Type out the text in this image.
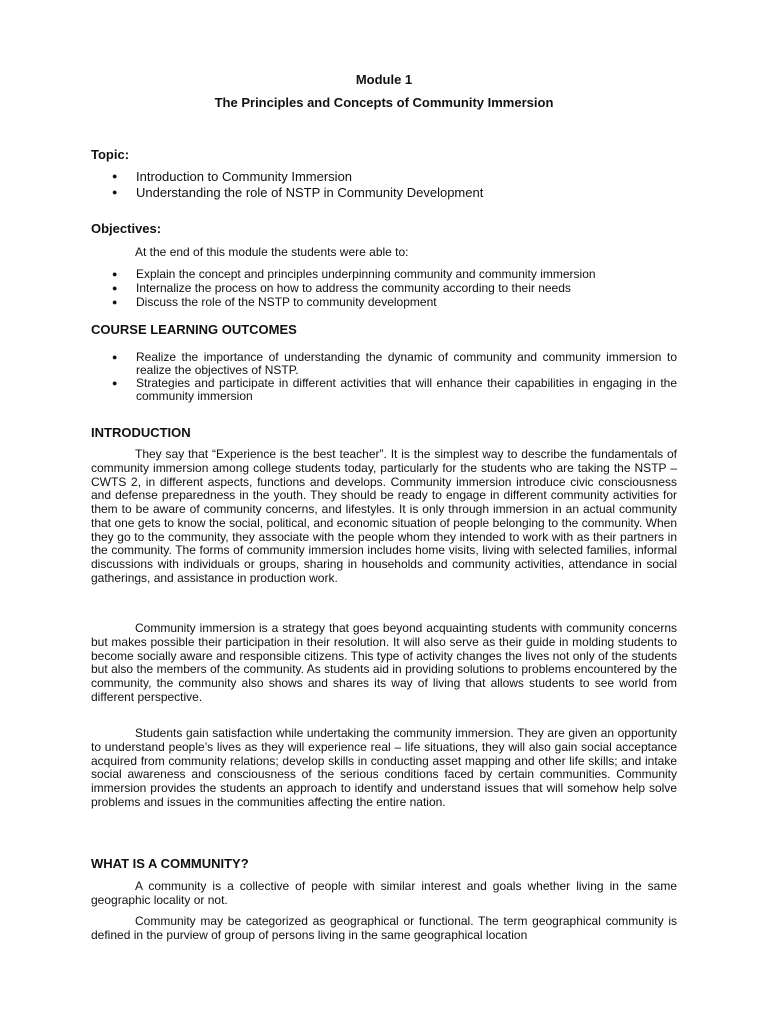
Module 1
The Principles and Concepts of Community Immersion
Topic:
● Introduction to Community Immersion
● Understanding the role of NSTP in Community Development
Objectives:
At the end of this module the students were able to:
● Explain the concept and principles underpinning community and community immersion
● Internalize the process on how to address the community according to their needs
● Discuss the role of the NSTP to community development
COURSE LEARNING OUTCOMES
● Realize the importance of understanding the dynamic of community and community immersion to realize the objectives of NSTP.
● Strategies and participate in different activities that will enhance their capabilities in engaging in the community immersion
INTRODUCTION

They say that “Experience is the best teacher”. It is the simplest way to describe the fundamentals of community immersion among college students today, particularly for the students who are taking the NSTP – CWTS 2, in different aspects, functions and develops. Community immersion introduce civic consciousness and defense preparedness in the youth. They should be ready to engage in different community activities for them to be aware of community concerns, and lifestyles. It is only through immersion in an actual community that one gets to know the social, political, and economic situation of people belonging to the community. When they go to the community, they associate with the people whom they intended to work with as their partners in the community. The forms of community immersion includes home visits, living with selected families, informal discussions with individuals or groups, sharing in households and community activities, attendance in social gatherings, and assistance in production work.

Community immersion is a strategy that goes beyond acquainting students with community concerns but makes possible their participation in their resolution. It will also serve as their guide in molding students to become socially aware and responsible citizens. This type of activity changes the lives not only of the students but also the members of the community. As students aid in providing solutions to problems encountered by the community, the community also shows and shares its way of living that allows students to see world from different perspective.

Students gain satisfaction while undertaking the community immersion. They are given an opportunity to understand people’s lives as they will experience real – life situations, they will also gain social acceptance acquired from community relations; develop skills in conducting asset mapping and other life skills; and intake social awareness and consciousness of the serious conditions faced by certain communities. Community immersion provides the students an approach to identify and understand issues that will somehow help solve problems and issues in the communities affecting the entire nation.

WHAT IS A COMMUNITY?

A community is a collective of people with similar interest and goals whether living in the same geographic locality or not.

Community may be categorized as geographical or functional. The term geographical community is defined in the purview of group of persons living in the same geographical location
